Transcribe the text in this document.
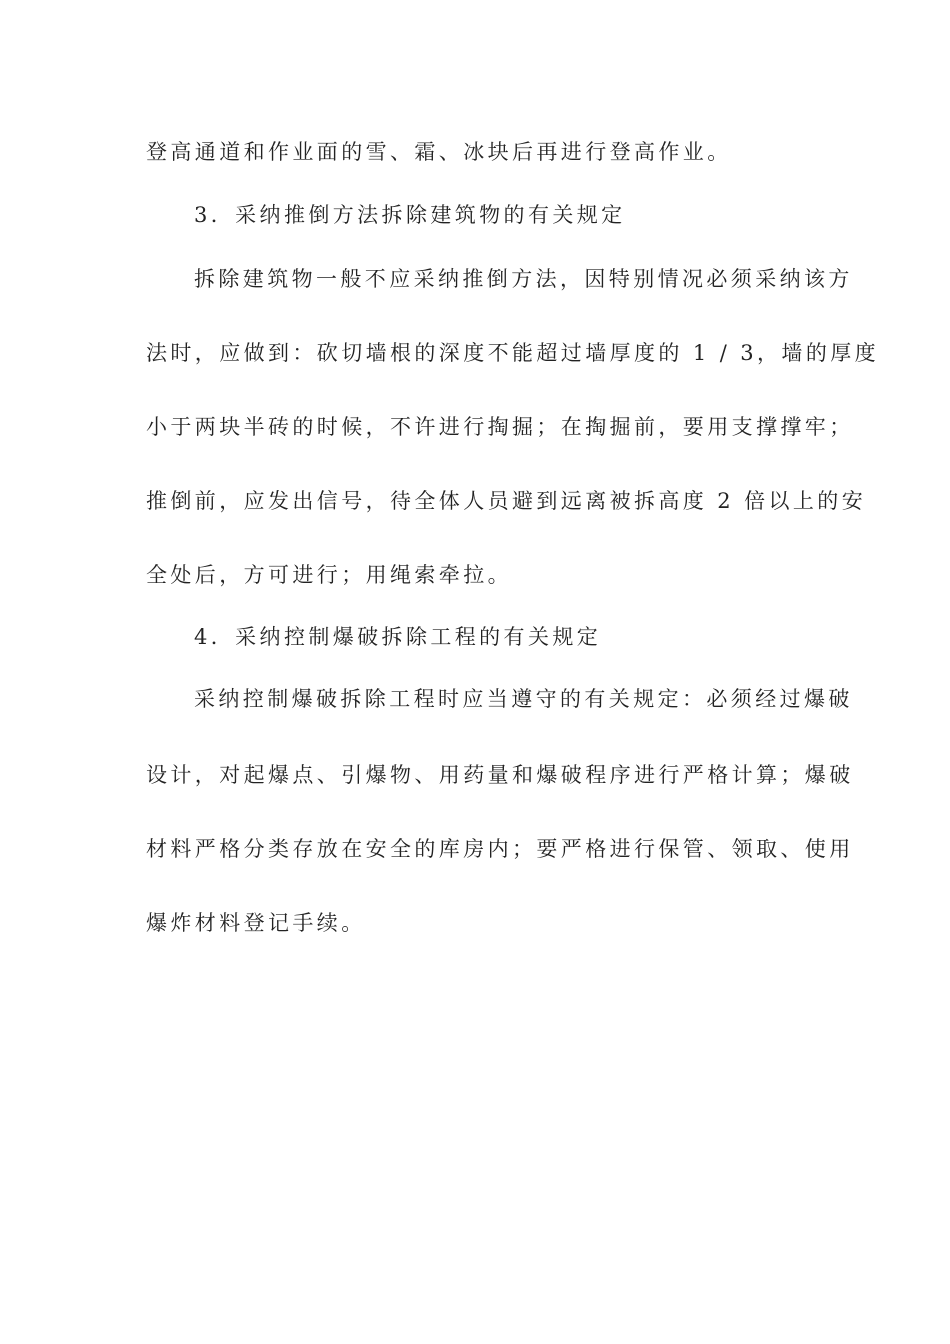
登高通道和作业面的雪、霜、冰块后再进行登高作业。
3．采纳推倒方法拆除建筑物的有关规定
拆除建筑物一般不应采纳推倒方法，因特别情况必须采纳该方
法时，应做到：砍切墙根的深度不能超过墙厚度的 1 / 3，墙的厚度
小于两块半砖的时候，不许进行掏掘；在掏掘前，要用支撑撑牢；
推倒前，应发出信号，待全体人员避到远离被拆高度 2 倍以上的安
全处后，方可进行；用绳索牵拉。
4．采纳控制爆破拆除工程的有关规定
采纳控制爆破拆除工程时应当遵守的有关规定：必须经过爆破
设计，对起爆点、引爆物、用药量和爆破程序进行严格计算；爆破
材料严格分类存放在安全的库房内；要严格进行保管、领取、使用
爆炸材料登记手续。
